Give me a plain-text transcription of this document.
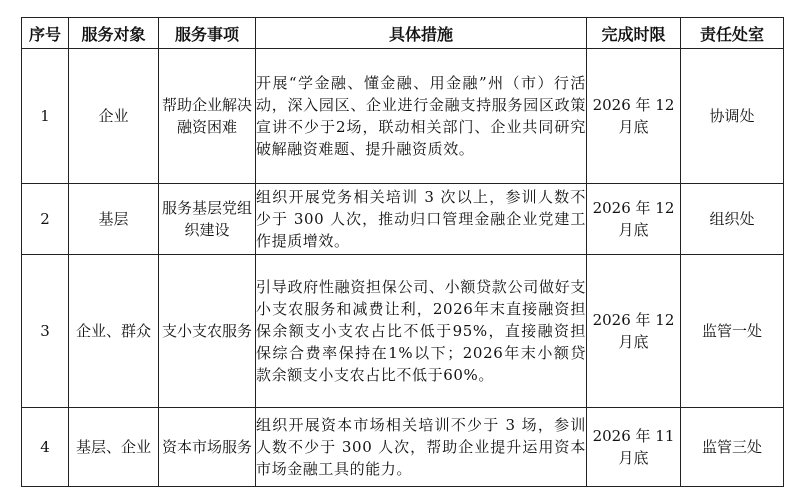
序号	服务对象	服务事项	具体措施	完成时限	责任处室
1	企业	帮助企业解决融资困难	开展“学金融、懂金融、用金融”州（市）行活动，深入园区、企业进行金融支持服务园区政策宣讲不少于2场，联动相关部门、企业共同研究破解融资难题、提升融资质效。	2026 年 12 月底	协调处
2	基层	服务基层党组织建设	组织开展党务相关培训 3 次以上，参训人数不少于 300 人次，推动归口管理金融企业党建工作提质增效。	2026 年 12 月底	组织处
3	企业、群众	支小支农服务	引导政府性融资担保公司、小额贷款公司做好支小支农服务和减费让利，2026年末直接融资担保余额支小支农占比不低于95%，直接融资担保综合费率保持在1%以下；2026年末小额贷款余额支小支农占比不低于60%。	2026 年 12 月底	监管一处
4	基层、企业	资本市场服务	组织开展资本市场相关培训不少于 3 场，参训人数不少于 300 人次，帮助企业提升运用资本市场金融工具的能力。	2026 年 11 月底	监管三处
